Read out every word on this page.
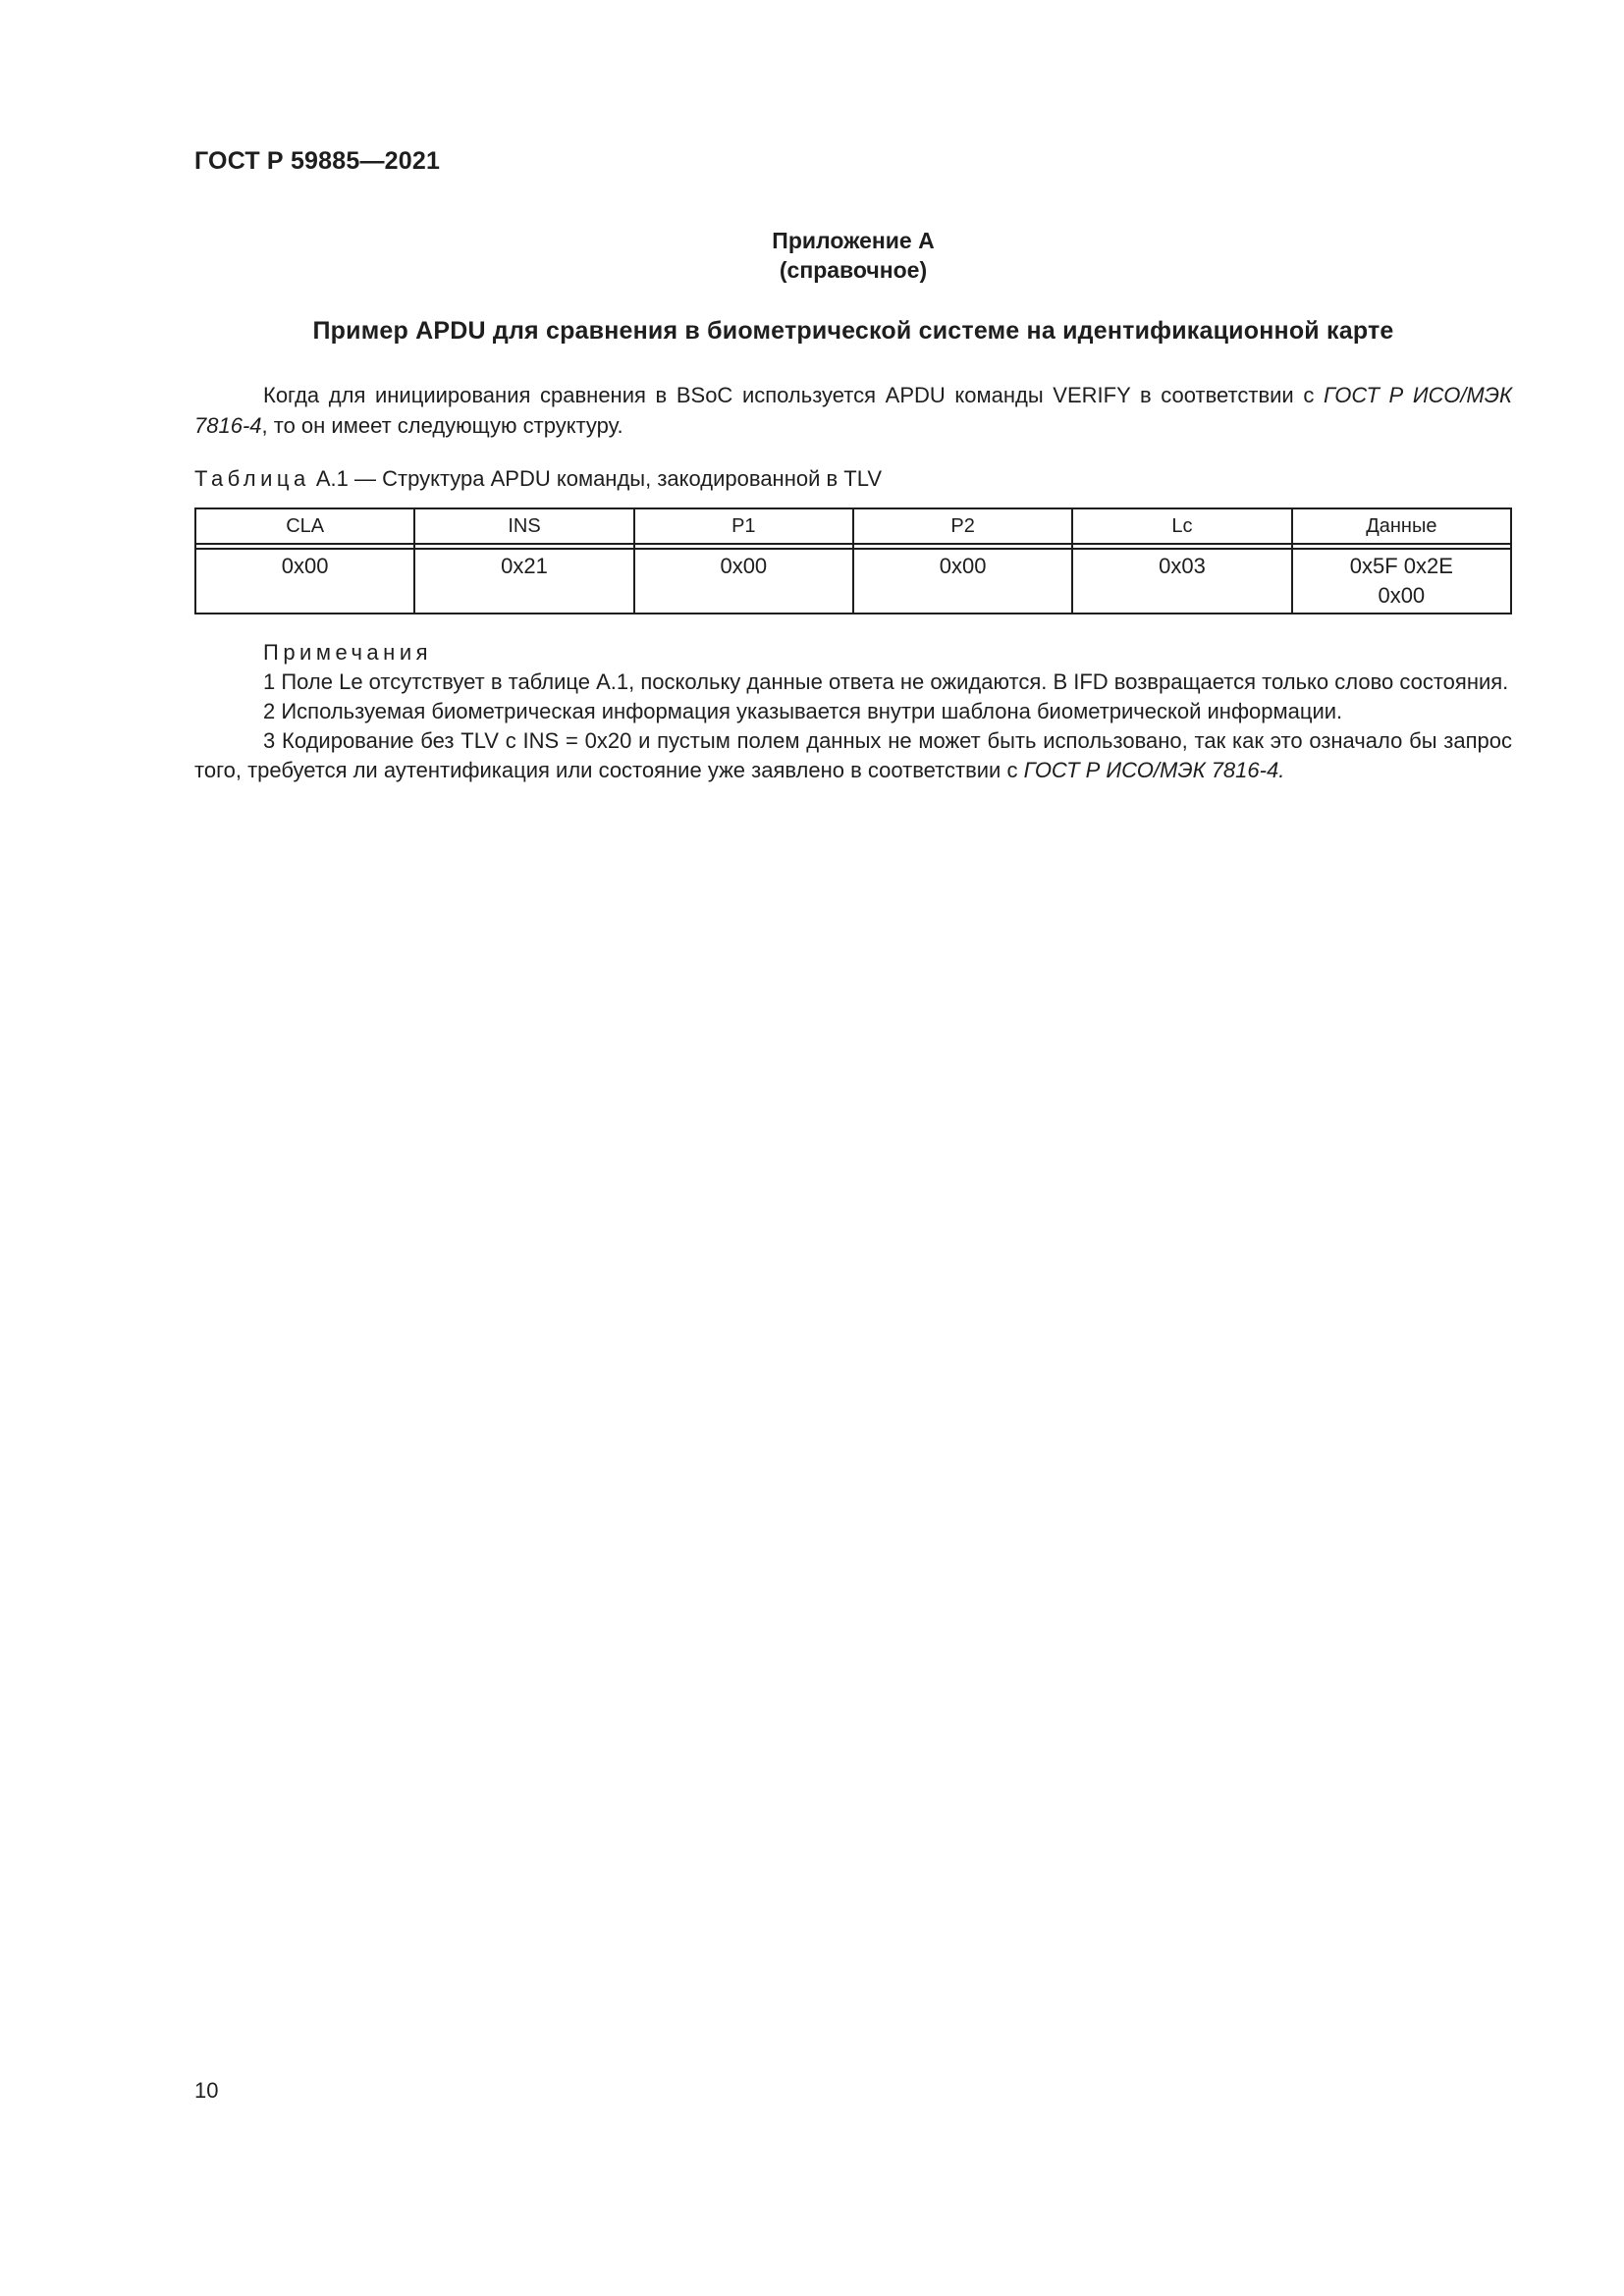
ГОСТ Р 59885—2021

Приложение А

(справочное)

Пример APDU для сравнения в биометрической системе на идентификационной карте

Когда для инициирования сравнения в BSoC используется APDU команды VERIFY в соответствии с ГОСТ Р ИСО/МЭК 7816-4, то он имеет следующую структуру.

Таблица А.1 — Структура APDU команды, закодированной в TLV

CLA	INS	P1	P2	Lc	Данные

0x00	0x21	0x00	0x00	0x03	0x5F 0x2E
0x00

Примечания

1 Поле Le отсутствует в таблице А.1, поскольку данные ответа не ожидаются. В IFD возвращается только слово состояния.

2 Используемая биометрическая информация указывается внутри шаблона биометрической информации.

3 Кодирование без TLV с INS = 0x20 и пустым полем данных не может быть использовано, так как это означало бы запрос того, требуется ли аутентификация или состояние уже заявлено в соответствии с ГОСТ Р ИСО/МЭК 7816-4.

10
